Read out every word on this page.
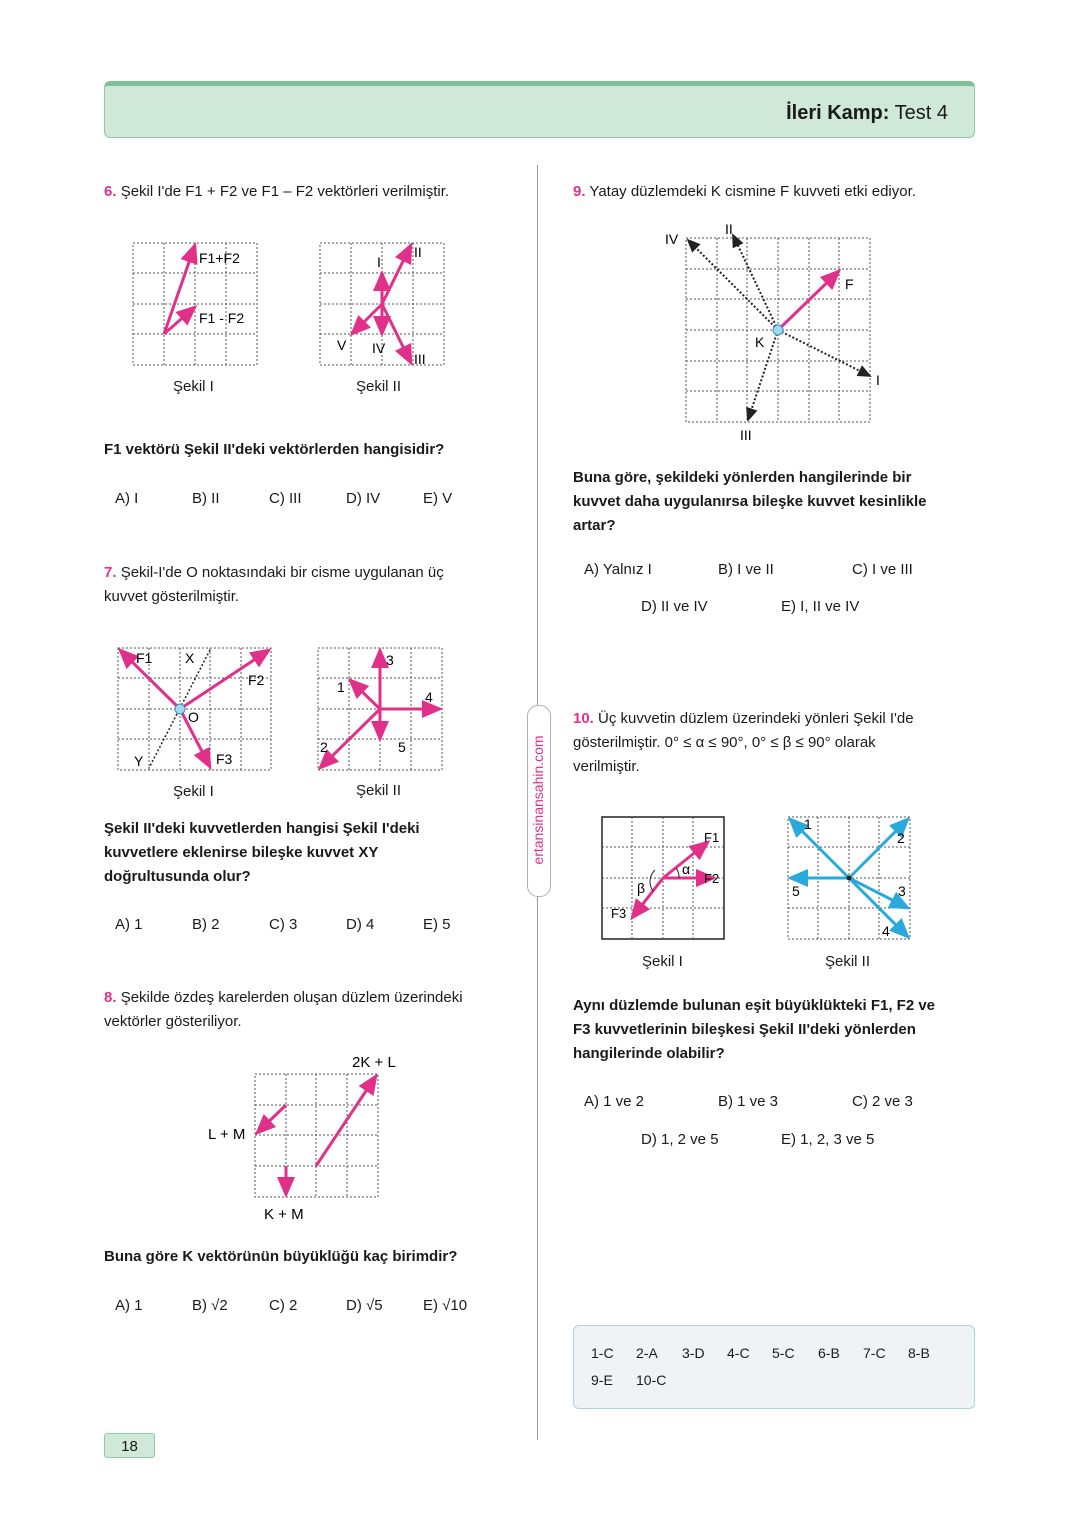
İleri Kamp: Test 4
ertansinansahin.com
6. Şekil I'de F1 + F2 ve F1 – F2 vektörleri verilmiştir.
F1+F2
F1 - F2
Şekil I
I
II
III
IV
V
Şekil II
F1 vektörü Şekil II'deki vektörlerden hangisidir?
A) I	B) II	C) III	D) IV	E) V
7. Şekil-I'de O noktasındaki bir cisme uygulanan üç
kuvvet gösterilmiştir.
F1 X
F2
O
Y	F3
Şekil I
1
2
3
4
5
Şekil II
Şekil II'deki kuvvetlerden hangisi Şekil I'deki
kuvvetlere eklenirse bileşke kuvvet XY
doğrultusunda olur?
A) 1	B) 2	C) 3	D) 4	E) 5
8. Şekilde özdeş karelerden oluşan düzlem üzerindeki
vektörler gösteriliyor.
2K + L
L + M
K + M
Buna göre K vektörünün büyüklüğü kaç birimdir?
A) 1	B) √2	C) 2	D) √5	E) √10
9. Yatay düzlemdeki K cismine F kuvveti etki ediyor.
IV
II
F
K
I
III
Buna göre, şekildeki yönlerden hangilerinde bir
kuvvet daha uygulanırsa bileşke kuvvet kesinlikle
artar?
A) Yalnız I	B) I ve II	C) I ve III
D) II ve IV	E) I, II ve IV
10. Üç kuvvetin düzlem üzerindeki yönleri Şekil I'de
gösterilmiştir. 0° ≤ α ≤ 90°, 0° ≤ β ≤ 90° olarak
verilmiştir.
F1
α
F2
β
F3
Şekil I
1
2
5	3
4
Şekil II
Aynı düzlemde bulunan eşit büyüklükteki F1, F2 ve
F3 kuvvetlerinin bileşkesi Şekil II'deki yönlerden
hangilerinde olabilir?
A) 1 ve 2	B) 1 ve 3	C) 2 ve 3
D) 1, 2 ve 5	E) 1, 2, 3 ve 5
1-C 2-A 3-D 4-C 5-C 6-B 7-C 8-B
9-E 10-C
18
